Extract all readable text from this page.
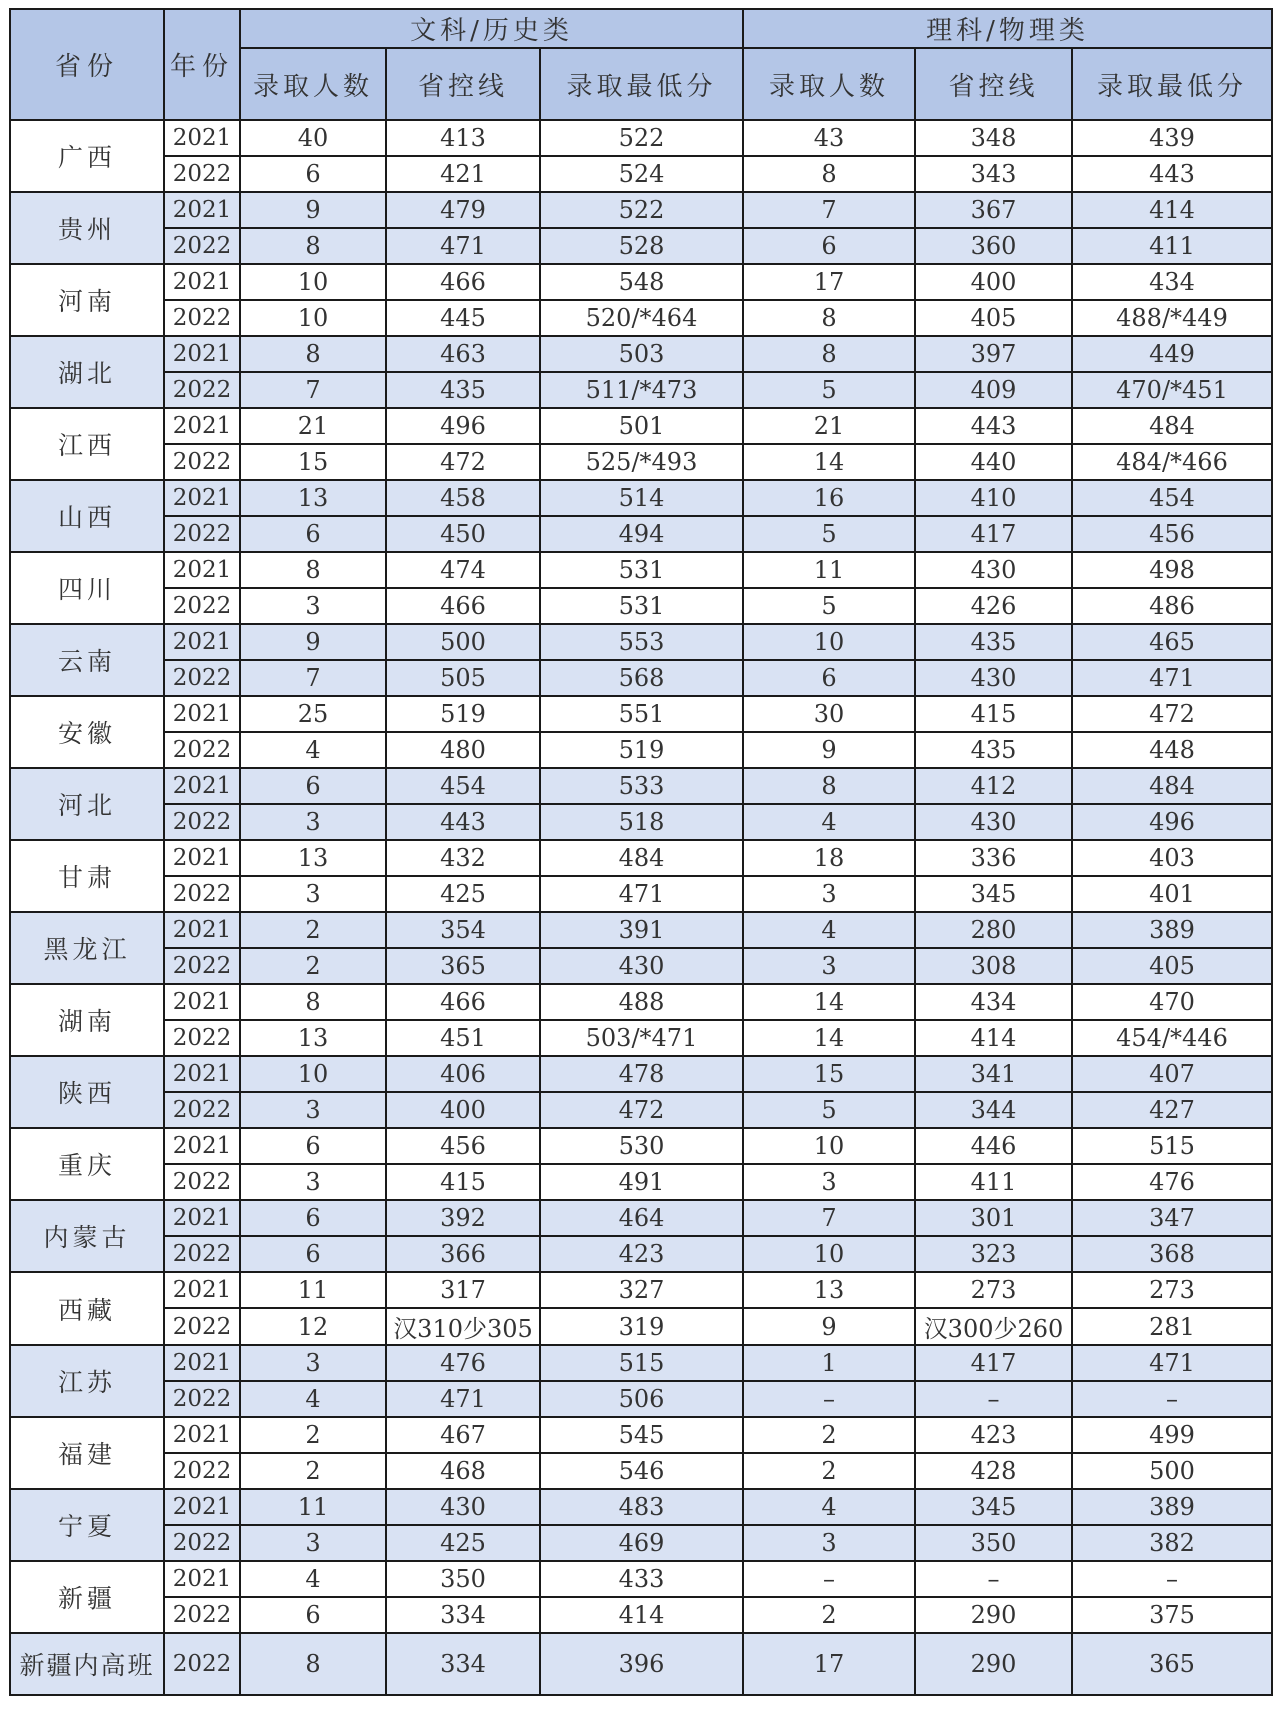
省份	年份	文科/历史类			理科/物理类		
		录取人数	省控线	录取最低分	录取人数	省控线	录取最低分
广西	2021	40	413	522	43	348	439
	2022	6	421	524	8	343	443
贵州	2021	9	479	522	7	367	414
	2022	8	471	528	6	360	411
河南	2021	10	466	548	17	400	434
	2022	10	445	520/*464	8	405	488/*449
湖北	2021	8	463	503	8	397	449
	2022	7	435	511/*473	5	409	470/*451
江西	2021	21	496	501	21	443	484
	2022	15	472	525/*493	14	440	484/*466
山西	2021	13	458	514	16	410	454
	2022	6	450	494	5	417	456
四川	2021	8	474	531	11	430	498
	2022	3	466	531	5	426	486
云南	2021	9	500	553	10	435	465
	2022	7	505	568	6	430	471
安徽	2021	25	519	551	30	415	472
	2022	4	480	519	9	435	448
河北	2021	6	454	533	8	412	484
	2022	3	443	518	4	430	496
甘肃	2021	13	432	484	18	336	403
	2022	3	425	471	3	345	401
黑龙江	2021	2	354	391	4	280	389
	2022	2	365	430	3	308	405
湖南	2021	8	466	488	14	434	470
	2022	13	451	503/*471	14	414	454/*446
陕西	2021	10	406	478	15	341	407
	2022	3	400	472	5	344	427
重庆	2021	6	456	530	10	446	515
	2022	3	415	491	3	411	476
内蒙古	2021	6	392	464	7	301	347
	2022	6	366	423	10	323	368
西藏	2021	11	317	327	13	273	273
	2022	12	汉310少305	319	9	汉300少260	281
江苏	2021	3	476	515	1	417	471
	2022	4	471	506	–	–	–
福建	2021	2	467	545	2	423	499
	2022	2	468	546	2	428	500
宁夏	2021	11	430	483	4	345	389
	2022	3	425	469	3	350	382
新疆	2021	4	350	433	–	–	–
	2022	6	334	414	2	290	375
新疆内高班	2022	8	334	396	17	290	365
